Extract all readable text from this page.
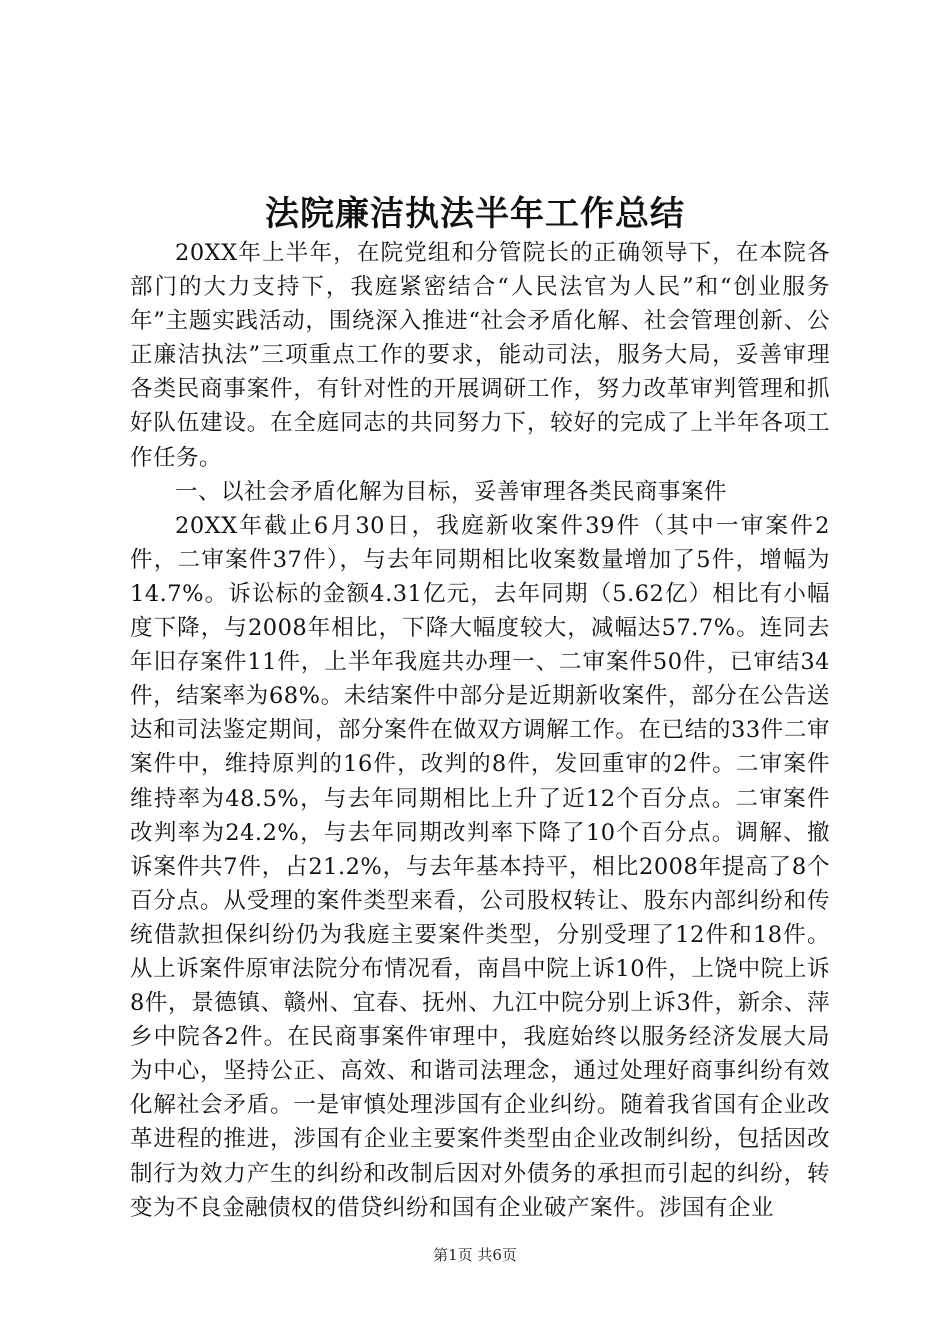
法院廉洁执法半年工作总结

20XX年上半年，在院党组和分管院长的正确领导下，在本院各部门的大力支持下，我庭紧密结合“人民法官为人民”和“创业服务年”主题实践活动，围绕深入推进“社会矛盾化解、社会管理创新、公正廉洁执法”三项重点工作的要求，能动司法，服务大局，妥善审理各类民商事案件，有针对性的开展调研工作，努力改革审判管理和抓好队伍建设。在全庭同志的共同努力下，较好的完成了上半年各项工作任务。

一、以社会矛盾化解为目标，妥善审理各类民商事案件

20XX年截止6月30日，我庭新收案件39件（其中一审案件2件，二审案件37件），与去年同期相比收案数量增加了5件，增幅为14.7%。诉讼标的金额4.31亿元，去年同期（5.62亿）相比有小幅度下降，与2008年相比，下降大幅度较大，减幅达57.7%。连同去年旧存案件11件，上半年我庭共办理一、二审案件50件，已审结34件，结案率为68%。未结案件中部分是近期新收案件，部分在公告送达和司法鉴定期间，部分案件在做双方调解工作。在已结的33件二审案件中，维持原判的16件，改判的8件，发回重审的2件。二审案件维持率为48.5%，与去年同期相比上升了近12个百分点。二审案件改判率为24.2%，与去年同期改判率下降了10个百分点。调解、撤诉案件共7件，占21.2%，与去年基本持平，相比2008年提高了8个百分点。从受理的案件类型来看，公司股权转让、股东内部纠纷和传统借款担保纠纷仍为我庭主要案件类型，分别受理了12件和18件。从上诉案件原审法院分布情况看，南昌中院上诉10件，上饶中院上诉8件，景德镇、赣州、宜春、抚州、九江中院分别上诉3件，新余、萍乡中院各2件。在民商事案件审理中，我庭始终以服务经济发展大局为中心，坚持公正、高效、和谐司法理念，通过处理好商事纠纷有效化解社会矛盾。一是审慎处理涉国有企业纠纷。随着我省国有企业改革进程的推进，涉国有企业主要案件类型由企业改制纠纷，包括因改制行为效力产生的纠纷和改制后因对外债务的承担而引起的纠纷，转变为不良金融债权的借贷纠纷和国有企业破产案件。涉国有企业

第1页 共6页
